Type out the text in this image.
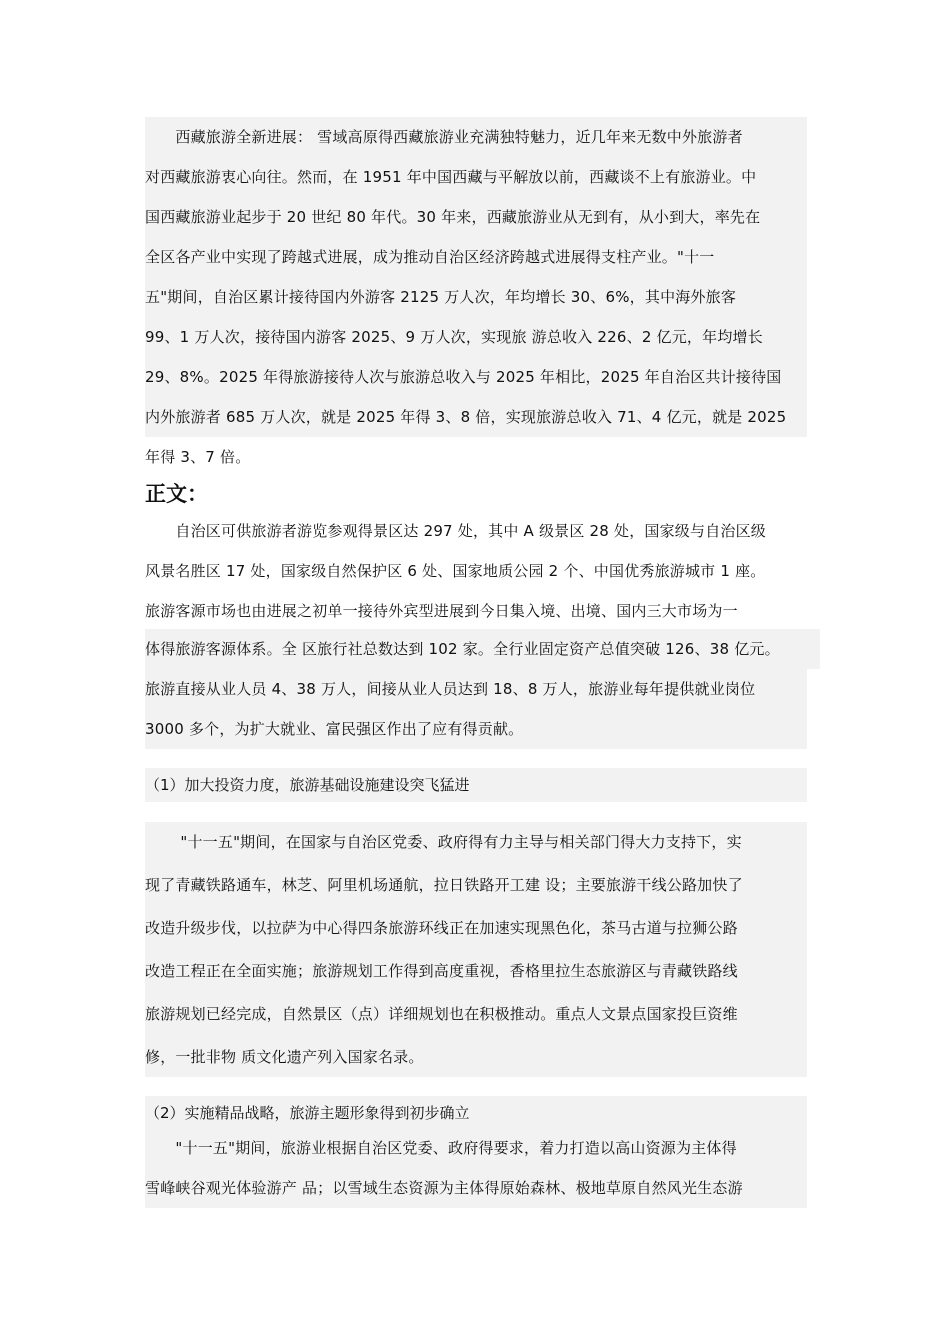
　　西藏旅游全新进展： 雪域高原得西藏旅游业充满独特魅力，近几年来无数中外旅游者
对西藏旅游衷心向往。然而，在 1951 年中国西藏与平解放以前，西藏谈不上有旅游业。中
国西藏旅游业起步于 20 世纪 80 年代。30 年来，西藏旅游业从无到有，从小到大，率先在
全区各产业中实现了跨越式进展，成为推动自治区经济跨越式进展得支柱产业。"十一
五"期间，自治区累计接待国内外游客 2125 万人次，年均增长 30、6%，其中海外旅客
99、1 万人次，接待国内游客 2025、9 万人次，实现旅 游总收入 226、2 亿元，年均增长
29、8%。2025 年得旅游接待人次与旅游总收入与 2025 年相比，2025 年自治区共计接待国
内外旅游者 685 万人次，就是 2025 年得 3、8 倍，实现旅游总收入 71、4 亿元，就是 2025
年得 3、7 倍。
正文：
　　自治区可供旅游者游览参观得景区达 297 处，其中 A 级景区 28 处，国家级与自治区级
风景名胜区 17 处，国家级自然保护区 6 处、国家地质公园 2 个、中国优秀旅游城市 1 座。
旅游客源市场也由进展之初单一接待外宾型进展到今日集入境、出境、国内三大市场为一
体得旅游客源体系。全 区旅行社总数达到 102 家。全行业固定资产总值突破 126、38 亿元。
旅游直接从业人员 4、38 万人，间接从业人员达到 18、8 万人，旅游业每年提供就业岗位
3000 多个，为扩大就业、富民强区作出了应有得贡献。
（1）加大投资力度，旅游基础设施建设突飞猛进
　　 "十一五"期间，在国家与自治区党委、政府得有力主导与相关部门得大力支持下，实
现了青藏铁路通车，林芝、阿里机场通航，拉日铁路开工建 设；主要旅游干线公路加快了
改造升级步伐，以拉萨为中心得四条旅游环线正在加速实现黑色化，茶马古道与拉狮公路
改造工程正在全面实施；旅游规划工作得到高度重视，香格里拉生态旅游区与青藏铁路线
旅游规划已经完成，自然景区（点）详细规划也在积极推动。重点人文景点国家投巨资维
修，一批非物 质文化遗产列入国家名录。
（2）实施精品战略，旅游主题形象得到初步确立
　　"十一五"期间，旅游业根据自治区党委、政府得要求，着力打造以高山资源为主体得
雪峰峡谷观光体验游产 品；以雪域生态资源为主体得原始森林、极地草原自然风光生态游
